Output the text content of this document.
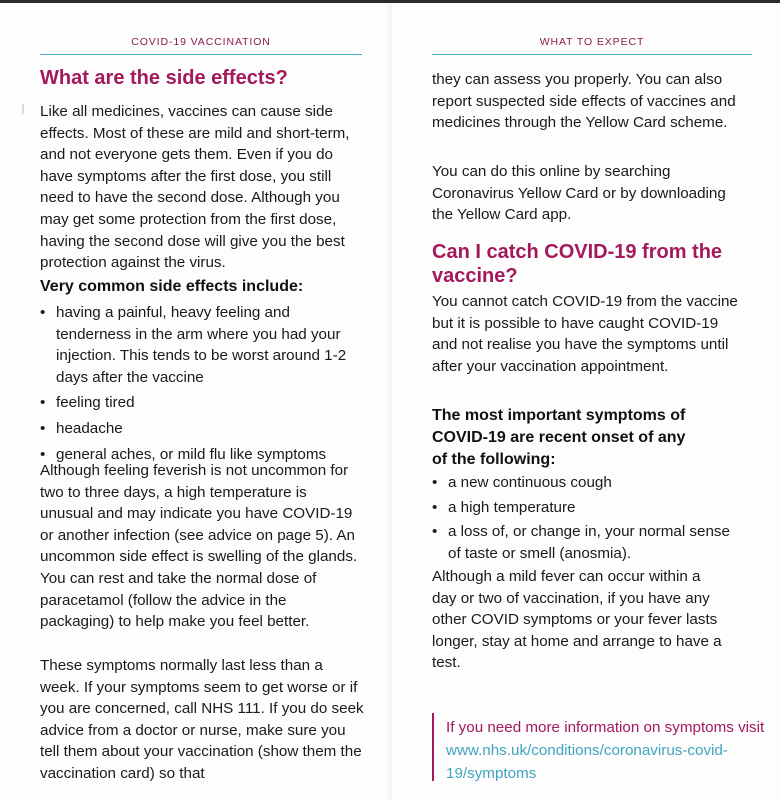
COVID-19 VACCINATION	WHAT TO EXPECT
What are the side effects?

Like all medicines, vaccines can cause side effects. Most of these are mild and short-term, and not everyone gets them. Even if you do have symptoms after the first dose, you still need to have the second dose. Although you may get some protection from the first dose, having the second dose will give you the best protection against the virus.

Very common side effects include:
• having a painful, heavy feeling and tenderness in the arm where you had your injection. This tends to be worst around 1-2 days after the vaccine
• feeling tired
• headache
• general aches, or mild flu like symptoms

Although feeling feverish is not uncommon for two to three days, a high temperature is unusual and may indicate you have COVID-19 or another infection (see advice on page 5). An uncommon side effect is swelling of the glands. You can rest and take the normal dose of paracetamol (follow the advice in the packaging) to help make you feel better.

These symptoms normally last less than a week. If your symptoms seem to get worse or if you are concerned, call NHS 111. If you do seek advice from a doctor or nurse, make sure you tell them about your vaccination (show them the vaccination card) so that

they can assess you properly. You can also report suspected side effects of vaccines and medicines through the Yellow Card scheme.

You can do this online by searching Coronavirus Yellow Card or by downloading the Yellow Card app.

Can I catch COVID-19 from the vaccine?

You cannot catch COVID-19 from the vaccine but it is possible to have caught COVID-19 and not realise you have the symptoms until after your vaccination appointment.

The most important symptoms of COVID-19 are recent onset of any of the following:
• a new continuous cough
• a high temperature
• a loss of, or change in, your normal sense of taste or smell (anosmia).

Although a mild fever can occur within a day or two of vaccination, if you have any other COVID symptoms or your fever lasts longer, stay at home and arrange to have a test.

If you need more information on symptoms visit www.nhs.uk/conditions/coronavirus-covid-19/symptoms
